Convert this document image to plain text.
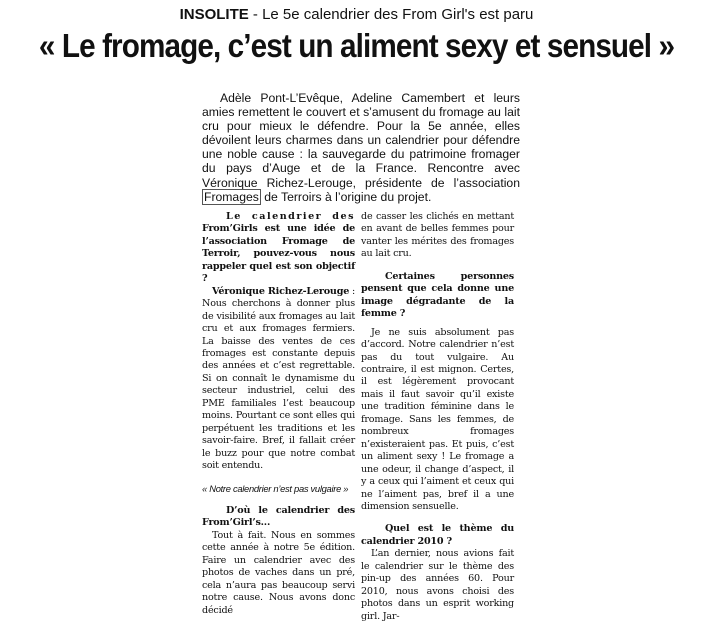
INSOLITE - Le 5e calendrier des From Girl's est paru
« Le fromage, c’est un aliment sexy et sensuel »

Adèle Pont-L’Evêque, Adeline Camembert et leurs amies remettent le couvert et s’amusent du fromage au lait cru pour mieux le défendre. Pour la 5e année, elles dévoilent leurs charmes dans un calendrier pour défendre une noble cause : la sauvegarde du patrimoine fromager du pays d’Auge et de la France. Rencontre avec Véronique Richez-Lerouge, présidente de l’association Fromages de Terroirs à l’origine du projet.

Le calendrier des From’Girls est une idée de l’association Fromage de Terroir, pouvez-vous nous rappeler quel est son objectif ?

Véronique Richez-Lerouge : Nous cherchons à donner plus de visibilité aux fromages au lait cru et aux fromages fermiers. La baisse des ventes de ces fromages est constante depuis des années et c’est regrettable. Si on connaît le dynamisme du secteur industriel, celui des PME familiales l’est beaucoup moins. Pourtant ce sont elles qui perpétuent les traditions et les savoir-faire. Bref, il fallait créer le buzz pour que notre combat soit entendu.

« Notre calendrier n’est pas vulgaire »

D’où le calendrier des From’Girl’s...

Tout à fait. Nous en sommes cette année à notre 5e édition. Faire un calendrier avec des photos de vaches dans un pré, cela n’aura pas beaucoup servi notre cause. Nous avons donc décidé

de casser les clichés en mettant en avant de belles femmes pour vanter les mérites des fromages au lait cru.

Certaines personnes pensent que cela donne une image dégradante de la femme ?

Je ne suis absolument pas d’accord. Notre calendrier n’est pas du tout vulgaire. Au contraire, il est mignon. Certes, il est légèrement provocant mais il faut savoir qu’il existe une tradition féminine dans le fromage. Sans les femmes, de nombreux fromages n’existeraient pas. Et puis, c’est un aliment sexy ! Le fromage a une odeur, il change d’aspect, il y a ceux qui l’aiment et ceux qui ne l’aiment pas, bref il a une dimension sensuelle.

Quel est le thème du calendrier 2010 ?

L’an dernier, nous avions fait le calendrier sur le thème des pin-up des années 60. Pour 2010, nous avons choisi des photos dans un esprit working girl. Jar-
